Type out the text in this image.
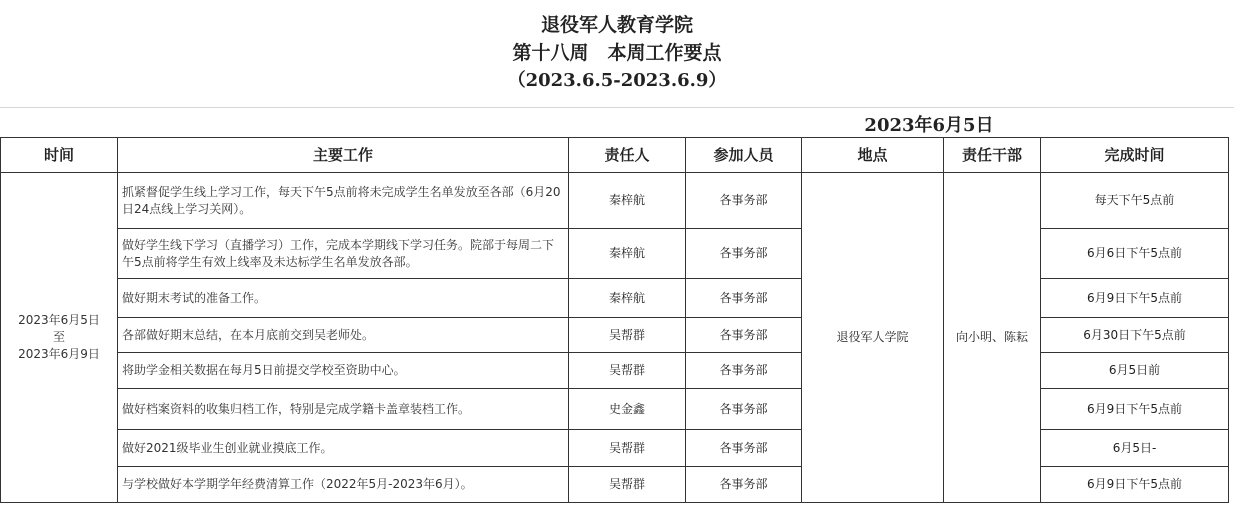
退役军人教育学院
第十八周　本周工作要点
（2023.6.5-2023.6.9）
2023年6月5日
时间	主要工作	责任人	参加人员	地点	责任干部	完成时间

2023年6月5日
至
2023年6月9日	抓紧督促学生线上学习工作，每天下午5点前将未完成学生名单发放至各部（6月20日24点线上学习关网）。	秦梓航	各事务部	退役军人学院	向小明、陈耘	每天下午5点前
	做好学生线下学习（直播学习）工作，完成本学期线下学习任务。院部于每周二下午5点前将学生有效上线率及未达标学生名单发放各部。	秦梓航	各事务部			6月6日下午5点前
	做好期末考试的准备工作。	秦梓航	各事务部			6月9日下午5点前
	各部做好期末总结，在本月底前交到吴老师处。	吴帮群	各事务部			6月30日下午5点前
	将助学金相关数据在每月5日前提交学校至资助中心。	吴帮群	各事务部			6月5日前
	做好档案资料的收集归档工作，特别是完成学籍卡盖章装档工作。	史金鑫	各事务部			6月9日下午5点前
	做好2021级毕业生创业就业摸底工作。	吴帮群	各事务部			6月5日-
	与学校做好本学期学年经费清算工作（2022年5月-2023年6月）。	吴帮群	各事务部			6月9日下午5点前
